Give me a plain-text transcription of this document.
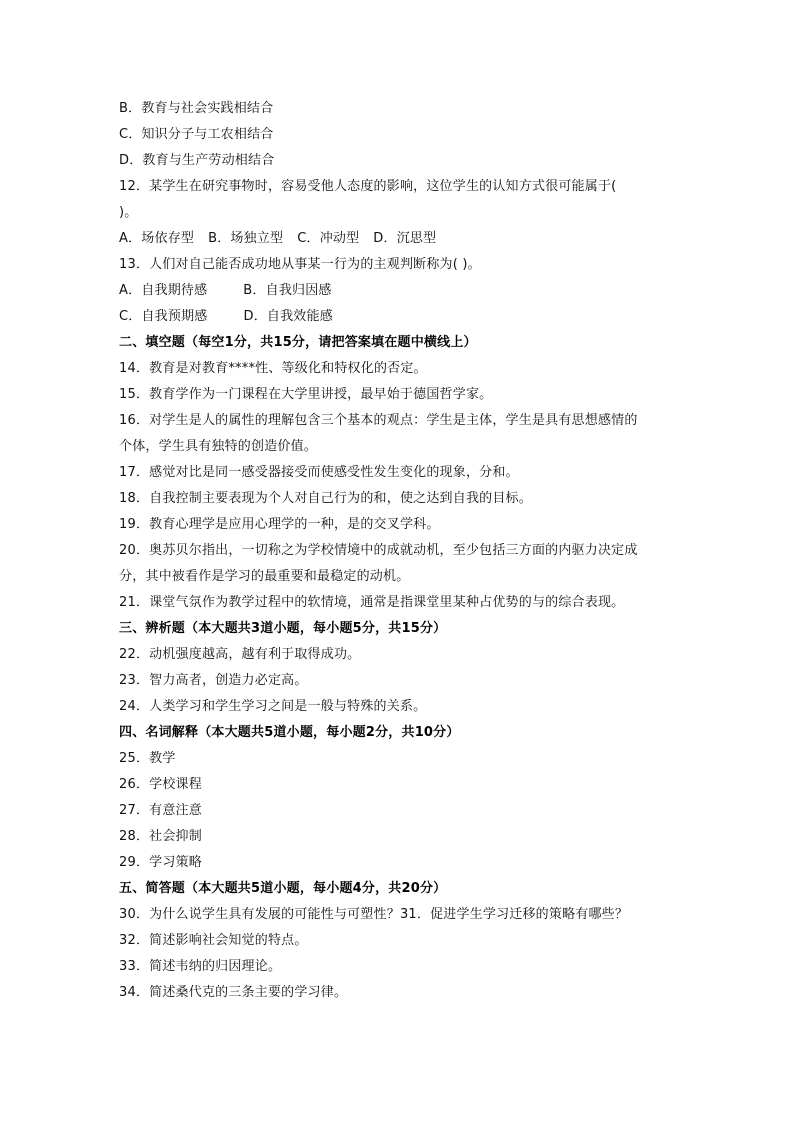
B．教育与社会实践相结合
C．知识分子与工农相结合
D．教育与生产劳动相结合
12．某学生在研究事物时，容易受他人态度的影响，这位学生的认知方式很可能属于(
)。
A．场依存型 B．场独立型 C．冲动型 D．沉思型
13．人们对自己能否成功地从事某一行为的主观判断称为( )。
A．自我期待感	B．自我归因感
C．自我预期感	D．自我效能感
二、填空题（每空1分，共15分，请把答案填在题中横线上）
14．教育是对教育****性、等级化和特权化的否定。
15．教育学作为一门课程在大学里讲授，最早始于德国哲学家。
16．对学生是人的属性的理解包含三个基本的观点：学生是主体，学生是具有思想感情的
个体，学生具有独特的创造价值。
17．感觉对比是同一感受器接受而使感受性发生变化的现象，分和。
18．自我控制主要表现为个人对自己行为的和，使之达到自我的目标。
19．教育心理学是应用心理学的一种，是的交叉学科。
20．奥苏贝尔指出，一切称之为学校情境中的成就动机，至少包括三方面的内驱力决定成
分，其中被看作是学习的最重要和最稳定的动机。
21．课堂气氛作为教学过程中的软情境，通常是指课堂里某种占优势的与的综合表现。
三、辨析题（本大题共3道小题，每小题5分，共15分）
22．动机强度越高，越有利于取得成功。
23．智力高者，创造力必定高。
24．人类学习和学生学习之间是一般与特殊的关系。
四、名词解释（本大题共5道小题，每小题2分，共10分）
25．教学
26．学校课程
27．有意注意
28．社会抑制
29．学习策略
五、简答题（本大题共5道小题，每小题4分，共20分）
30．为什么说学生具有发展的可能性与可塑性？31．促进学生学习迁移的策略有哪些？
32．简述影响社会知觉的特点。
33．简述韦纳的归因理论。
34．简述桑代克的三条主要的学习律。
